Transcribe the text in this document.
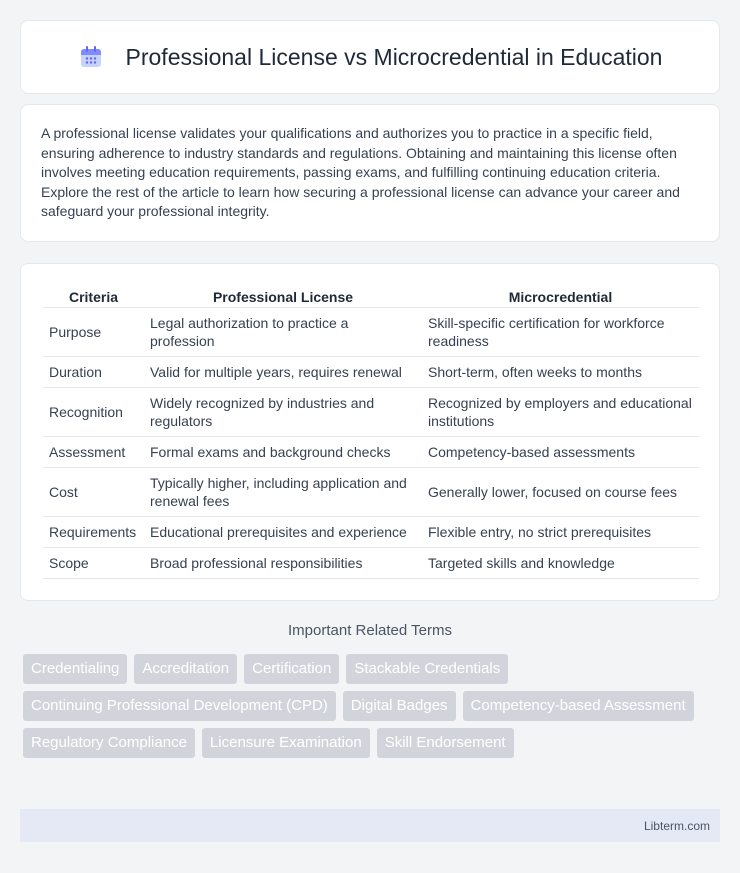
Professional License vs Microcredential in Education

A professional license validates your qualifications and authorizes you to practice in a specific field, ensuring adherence to industry standards and regulations. Obtaining and maintaining this license often involves meeting education requirements, passing exams, and fulfilling continuing education criteria. Explore the rest of the article to learn how securing a professional license can advance your career and safeguard your professional integrity.

Criteria	Professional License	Microcredential
Purpose	Legal authorization to practice a profession	Skill-specific certification for workforce readiness
Duration	Valid for multiple years, requires renewal	Short-term, often weeks to months
Recognition	Widely recognized by industries and regulators	Recognized by employers and educational institutions
Assessment	Formal exams and background checks	Competency-based assessments
Cost	Typically higher, including application and renewal fees	Generally lower, focused on course fees
Requirements	Educational prerequisites and experience	Flexible entry, no strict prerequisites
Scope	Broad professional responsibilities	Targeted skills and knowledge
Important Related Terms
Credentialing	Accreditation	Certification	Stackable Credentials
Continuing Professional Development (CPD)	Digital Badges	Competency-based Assessment
Regulatory Compliance	Licensure Examination	Skill Endorsement
Libterm.com
